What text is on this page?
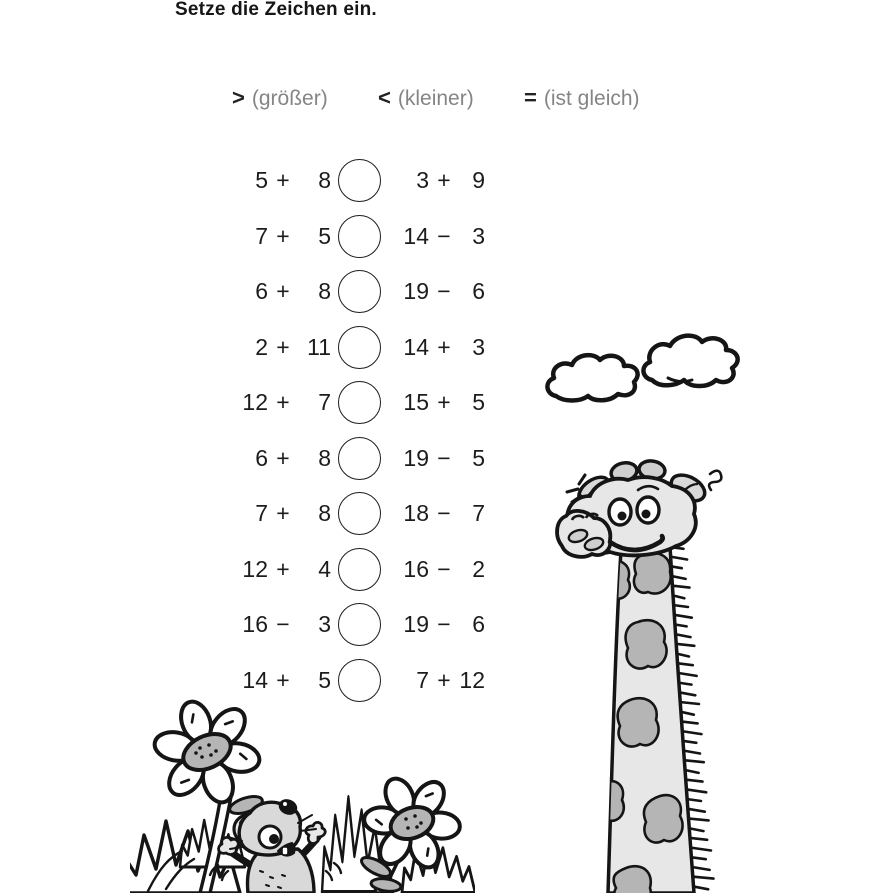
Setze die Zeichen ein.
> (größer) < (kleiner) = (ist gleich)
5 +	8	3 + 9
7 +	5	14 − 3
6 +	8	19 − 6
2 + 11	14 + 3
12 +	7	15 + 5
6 +	8	19 − 5
7 +	8	18 − 7
12 +	4	16 − 2
16 −	3	19 − 6
14 +	5	7 + 12
